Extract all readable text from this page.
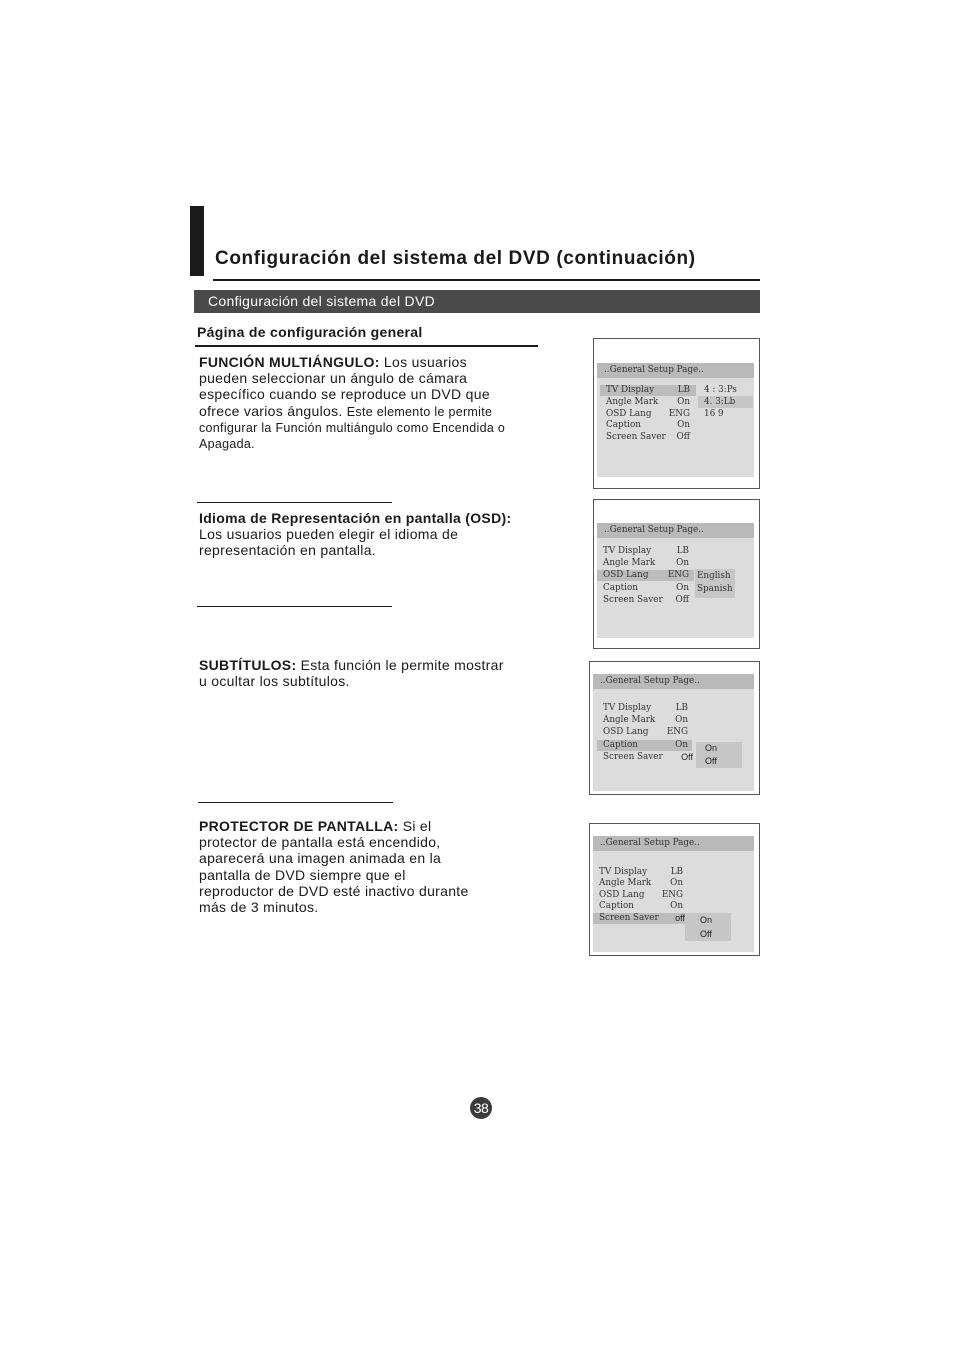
Configuración del sistema del DVD (continuación)
Configuración del sistema del DVD
Página de configuración general
FUNCIÓN MULTIÁNGULO: Los usuarios
pueden seleccionar un ángulo de cámara
específico cuando se reproduce un DVD que
ofrece varios ángulos. Este elemento le permite
configurar la Función multiángulo como Encendida o
Apagada.
Idioma de Representación en pantalla (OSD):
Los usuarios pueden elegir el idioma de
representación en pantalla.
SUBTÍTULOS: Esta función le permite mostrar
u ocultar los subtítulos.
PROTECTOR DE PANTALLA: Si el
protector de pantalla está encendido,
aparecerá una imagen animada en la
pantalla de DVD siempre que el
reproductor de DVD esté inactivo durante
más de 3 minutos.
..General Setup Page..
TV Display	LB
Angle Mark On
OSD Lang ENG
Caption	On
Screen Saver Off
4 : 3:Ps
4. 3:Lb
16 9
..General Setup Page..
TV Display	LB
Angle Mark On
OSD Lang ENG
Caption	On
Screen Saver Off
English
Spanish
..General Setup Page..
TV Display	LB
Angle Mark On
OSD Lang ENG
Caption	On
Screen Saver Off
On
Off
..General Setup Page..
TV Display	LB
Angle Mark On
OSD Lang ENG
Caption	On
Screen Saver off On
Off
38
